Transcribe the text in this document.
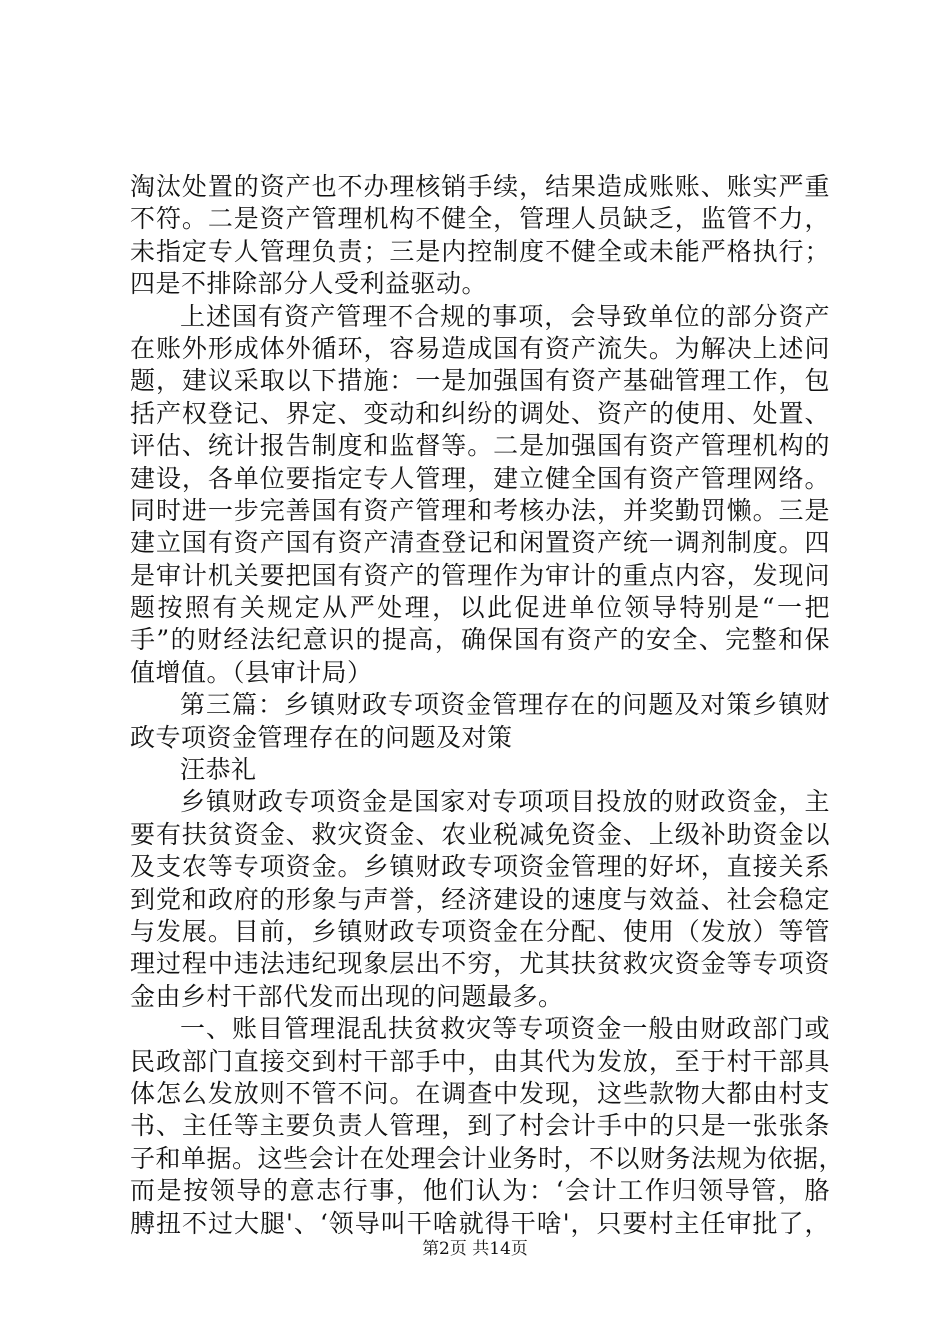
淘汰处置的资产也不办理核销手续，结果造成账账、账实严重
不符。二是资产管理机构不健全，管理人员缺乏，监管不力，
未指定专人管理负责；三是内控制度不健全或未能严格执行；
四是不排除部分人受利益驱动。
上述国有资产管理不合规的事项，会导致单位的部分资产
在账外形成体外循环，容易造成国有资产流失。为解决上述问
题，建议采取以下措施：一是加强国有资产基础管理工作，包
括产权登记、界定、变动和纠纷的调处、资产的使用、处置、
评估、统计报告制度和监督等。二是加强国有资产管理机构的
建设，各单位要指定专人管理，建立健全国有资产管理网络。
同时进一步完善国有资产管理和考核办法，并奖勤罚懒。三是
建立国有资产国有资产清查登记和闲置资产统一调剂制度。四
是审计机关要把国有资产的管理作为审计的重点内容，发现问
题按照有关规定从严处理，以此促进单位领导特别是“一把
手”的财经法纪意识的提高，确保国有资产的安全、完整和保
值增值。（县审计局）
第三篇：乡镇财政专项资金管理存在的问题及对策乡镇财
政专项资金管理存在的问题及对策
汪恭礼
乡镇财政专项资金是国家对专项项目投放的财政资金，主
要有扶贫资金、救灾资金、农业税减免资金、上级补助资金以
及支农等专项资金。乡镇财政专项资金管理的好坏，直接关系
到党和政府的形象与声誉，经济建设的速度与效益、社会稳定
与发展。目前，乡镇财政专项资金在分配、使用（发放）等管
理过程中违法违纪现象层出不穷，尤其扶贫救灾资金等专项资
金由乡村干部代发而出现的问题最多。
一、账目管理混乱扶贫救灾等专项资金一般由财政部门或
民政部门直接交到村干部手中，由其代为发放，至于村干部具
体怎么发放则不管不问。在调查中发现，这些款物大都由村支
书、主任等主要负责人管理，到了村会计手中的只是一张张条
子和单据。这些会计在处理会计业务时，不以财务法规为依据，
而是按领导的意志行事，他们认为：‘会计工作归领导管，胳
膊扭不过大腿'、‘领导叫干啥就得干啥'，只要村主任审批了，
第2页 共14页
